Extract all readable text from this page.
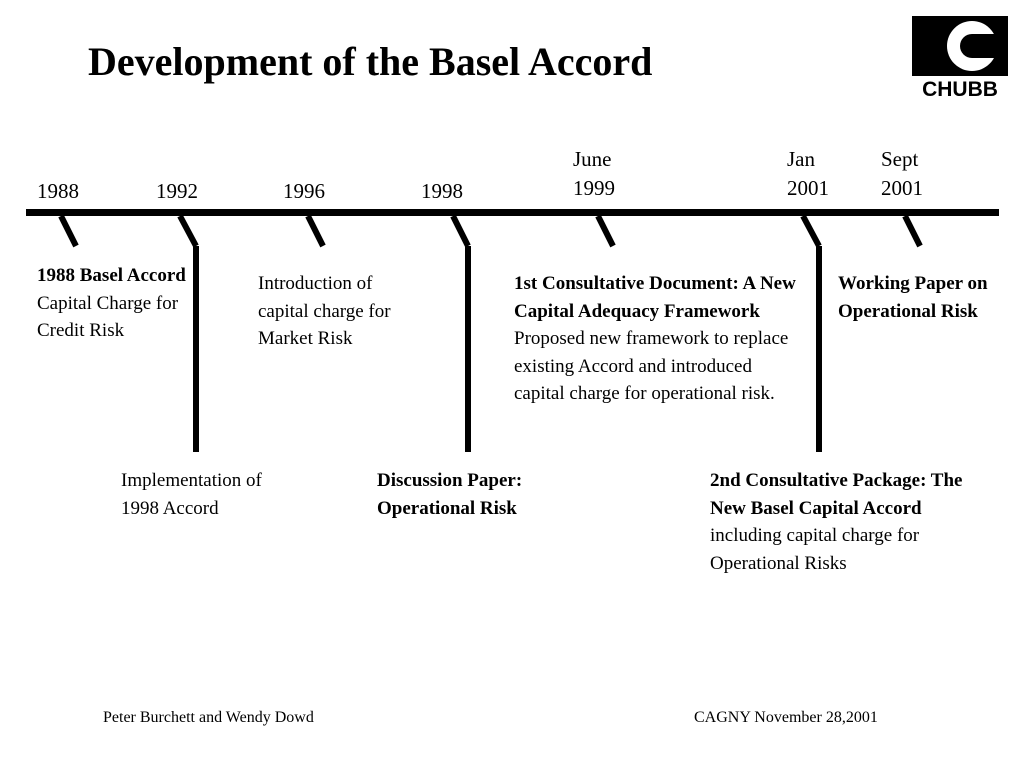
Development of the Basel Accord
CHUBB
1988	1992	1996	1998
June
1999
Jan
2001
Sept
2001
1988 Basel Accord
Capital Charge for Credit Risk
Introduction of capital charge for Market Risk
1st Consultative Document: A New Capital Adequacy Framework
Proposed new framework to replace existing Accord and introduced capital charge for operational risk.
Working Paper on Operational Risk
Implementation of 1998 Accord
Discussion Paper: Operational Risk
2nd Consultative Package: The New Basel Capital Accord including capital charge for Operational Risks
Peter Burchett and Wendy Dowd	CAGNY November 28,2001
